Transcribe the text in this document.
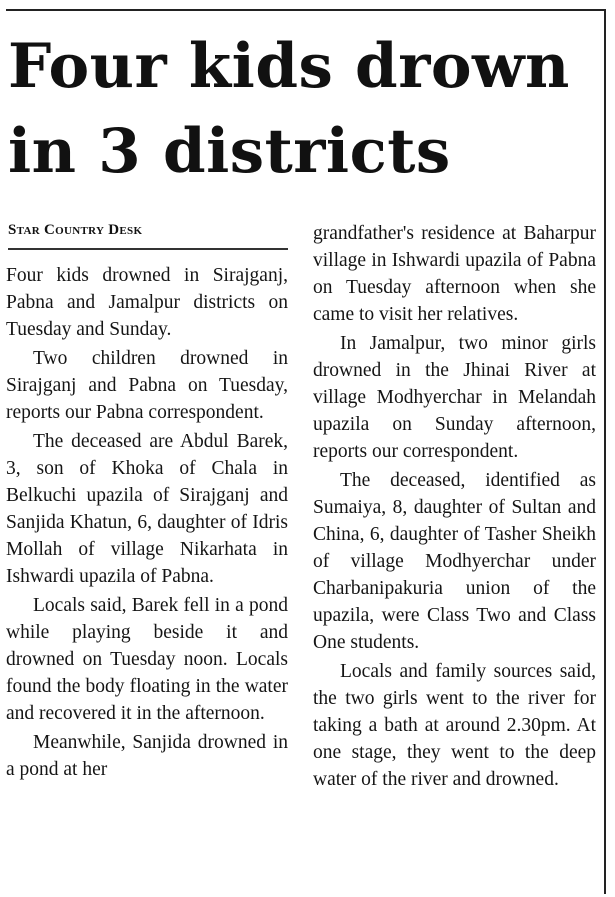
Four kids drown
in 3 districts
Star Country Desk

Four kids drowned in Sirajganj, Pabna and Jamalpur districts on Tuesday and Sunday.

Two children drowned in Sirajganj and Pabna on Tuesday, reports our Pabna correspondent.

The deceased are Abdul Barek, 3, son of Khoka of Chala in Belkuchi upazila of Sirajganj and Sanjida Khatun, 6, daughter of Idris Mollah of village Nikarhata in Ishwardi upazila of Pabna.

Locals said, Barek fell in a pond while playing beside it and drowned on Tuesday noon. Locals found the body floating in the water and recovered it in the afternoon.

Meanwhile, Sanjida drowned in a pond at her

grandfather's residence at Baharpur village in Ishwardi upazila of Pabna on Tuesday afternoon when she came to visit her relatives.

In Jamalpur, two minor girls drowned in the Jhinai River at village Modhyerchar in Melandah upazila on Sunday afternoon, reports our correspondent.

The deceased, identified as Sumaiya, 8, daughter of Sultan and China, 6, daughter of Tasher Sheikh of village Modhyerchar under Charbanipakuria union of the upazila, were Class Two and Class One students.

Locals and family sources said, the two girls went to the river for taking a bath at around 2.30pm. At one stage, they went to the deep water of the river and drowned.
